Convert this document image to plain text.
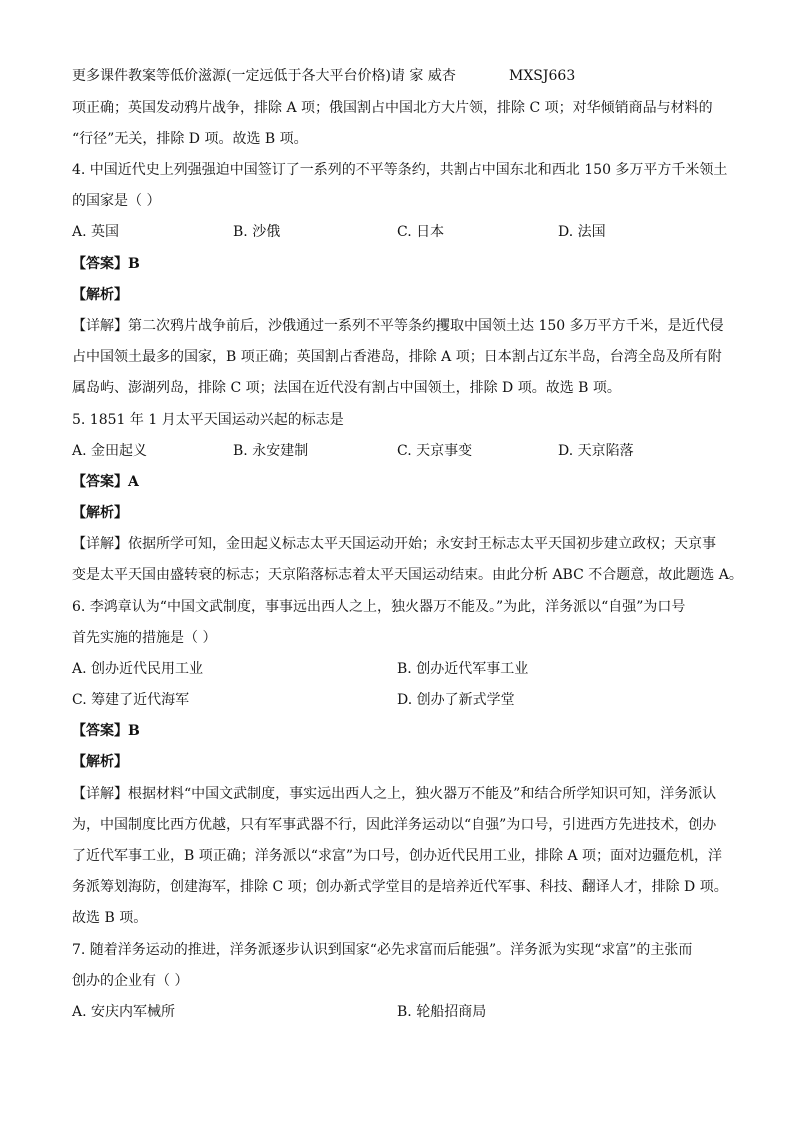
更多课件教案等低价滋源(一定远低于各大平台价格)请 家 威杏	MXSJ663
项正确；英国发动鸦片战争，排除 A 项；俄国割占中国北方大片领，排除 C 项；对华倾销商品与材料的
“行径”无关，排除 D 项。故选 B 项。
4. 中国近代史上列强强迫中国签订了一系列的不平等条约，共割占中国东北和西北 150 多万平方千米领土
的国家是（ ）
A. 英国	B. 沙俄	C. 日本	D. 法国
【答案】B
【解析】
【详解】第二次鸦片战争前后，沙俄通过一系列不平等条约攫取中国领土达 150 多万平方千米，是近代侵
占中国领土最多的国家，B 项正确；英国割占香港岛，排除 A 项；日本割占辽东半岛，台湾全岛及所有附
属岛屿、澎湖列岛，排除 C 项；法国在近代没有割占中国领土，排除 D 项。故选 B 项。
5. 1851 年 1 月太平天国运动兴起的标志是
A. 金田起义	B. 永安建制	C. 天京事变	D. 天京陷落
【答案】A
【解析】
【详解】依据所学可知，金田起义标志太平天国运动开始；永安封王标志太平天国初步建立政权；天京事
变是太平天国由盛转衰的标志；天京陷落标志着太平天国运动结束。由此分析 ABC 不合题意，故此题选 A。
6. 李鸿章认为“中国文武制度，事事远出西人之上，独火器万不能及。”为此，洋务派以“自强”为口号
首先实施的措施是（ ）
A. 创办近代民用工业	B. 创办近代军事工业
C. 筹建了近代海军	D. 创办了新式学堂
【答案】B
【解析】
【详解】根据材料“中国文武制度，事实远出西人之上，独火器万不能及”和结合所学知识可知，洋务派认
为，中国制度比西方优越，只有军事武器不行，因此洋务运动以“自强”为口号，引进西方先进技术，创办
了近代军事工业，B 项正确；洋务派以“求富”为口号，创办近代民用工业，排除 A 项；面对边疆危机，洋
务派筹划海防，创建海军，排除 C 项；创办新式学堂目的是培养近代军事、科技、翻译人才，排除 D 项。
故选 B 项。
7. 随着洋务运动的推进，洋务派逐步认识到国家“必先求富而后能强”。洋务派为实现“求富”的主张而
创办的企业有（ ）
A. 安庆内军械所	B. 轮船招商局
